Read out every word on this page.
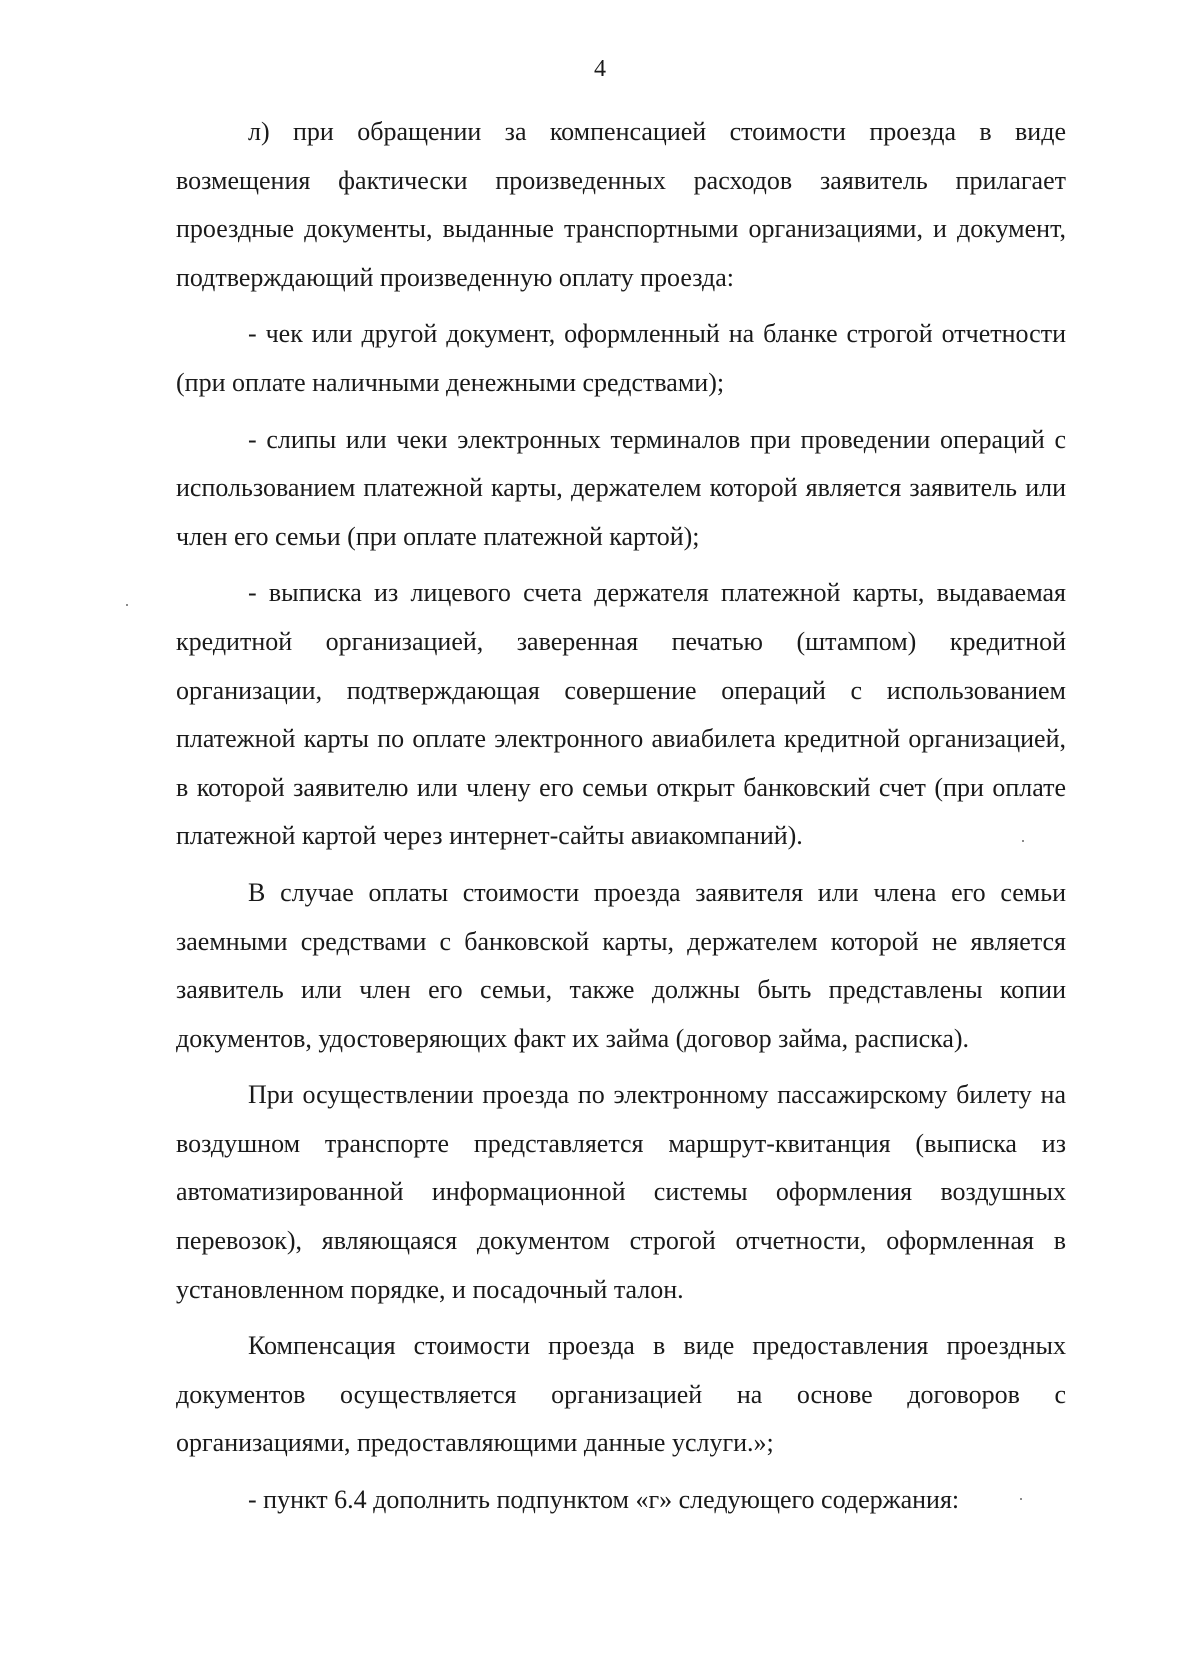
4

л) при обращении за компенсацией стоимости проезда в виде возмещения фактически произведенных расходов заявитель прилагает проездные документы, выданные транспортными организациями, и документ, подтверждающий произведенную оплату проезда:

- чек или другой документ, оформленный на бланке строгой отчетности (при оплате наличными денежными средствами);

- слипы или чеки электронных терминалов при проведении операций с использованием платежной карты, держателем которой является заявитель или член его семьи (при оплате платежной картой);

- выписка из лицевого счета держателя платежной карты, выдаваемая кредитной организацией, заверенная печатью (штампом) кредитной организации, подтверждающая совершение операций с использованием платежной карты по оплате электронного авиабилета кредитной организацией, в которой заявителю или члену его семьи открыт банковский счет (при оплате платежной картой через интернет-сайты авиакомпаний).

В случае оплаты стоимости проезда заявителя или члена его семьи заемными средствами с банковской карты, держателем которой не является заявитель или член его семьи, также должны быть представлены копии документов, удостоверяющих факт их займа (договор займа, расписка).

При осуществлении проезда по электронному пассажирскому билету на воздушном транспорте представляется маршрут-квитанция (выписка из автоматизированной информационной системы оформления воздушных перевозок), являющаяся документом строгой отчетности, оформленная в установленном порядке, и посадочный талон.

Компенсация стоимости проезда в виде предоставления проездных документов осуществляется организацией на основе договоров с организациями, предоставляющими данные услуги.»;

- пункт 6.4 дополнить подпунктом «г» следующего содержания:
